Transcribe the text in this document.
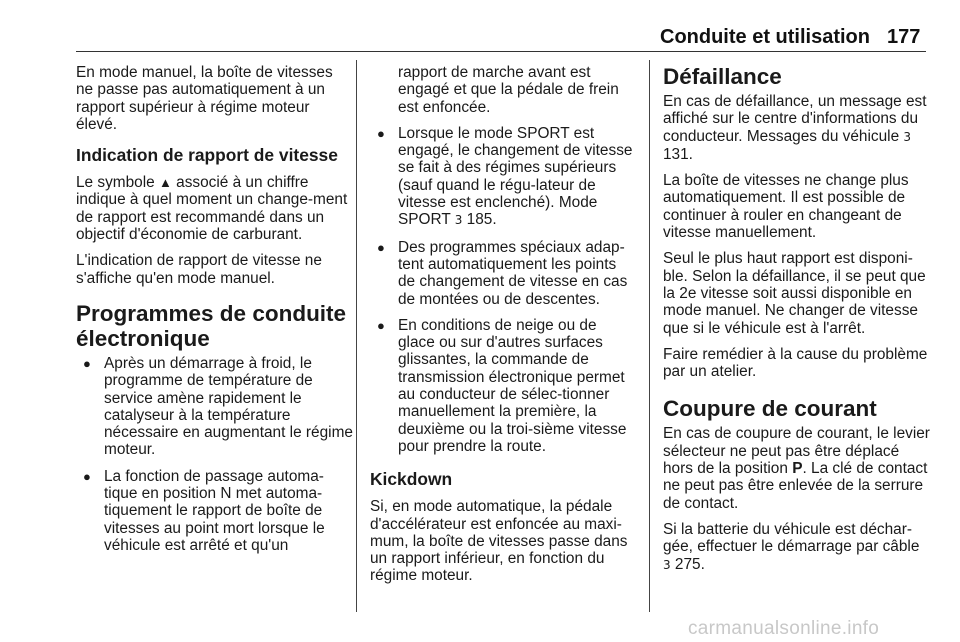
Conduite et utilisation 177

En mode manuel, la boîte de vitesses ne passe pas automatiquement à un rapport supérieur à régime moteur élevé.

Indication de rapport de vitesse

Le symbole ▲ associé à un chiffre indique à quel moment un change-ment de rapport est recommandé dans un objectif d'économie de carburant.

L'indication de rapport de vitesse ne s'affiche qu'en mode manuel.

Programmes de conduite électronique
● Après un démarrage à froid, le programme de température de service amène rapidement le catalyseur à la température nécessaire en augmentant le régime moteur.
● La fonction de passage automa-tique en position N met automa-tiquement le rapport de boîte de vitesses au point mort lorsque le véhicule est arrêté et qu'un

rapport de marche avant est engagé et que la pédale de frein est enfoncée.

● Lorsque le mode SPORT est engagé, le changement de vitesse se fait à des régimes supérieurs (sauf quand le régu-lateur de vitesse est enclenché). Mode SPORT 3 185.
● Des programmes spéciaux adap-tent automatiquement les points de changement de vitesse en cas de montées ou de descentes.
● En conditions de neige ou de glace ou sur d'autres surfaces glissantes, la commande de transmission électronique permet au conducteur de sélec-tionner manuellement la première, la deuxième ou la troi-sième vitesse pour prendre la route.
Kickdown

Si, en mode automatique, la pédale d'accélérateur est enfoncée au maxi-mum, la boîte de vitesses passe dans un rapport inférieur, en fonction du régime moteur.

Défaillance

En cas de défaillance, un message est affiché sur le centre d'informations du conducteur. Messages du véhicule 3 131.

La boîte de vitesses ne change plus automatiquement. Il est possible de continuer à rouler en changeant de vitesse manuellement.

Seul le plus haut rapport est disponi-ble. Selon la défaillance, il se peut que la 2e vitesse soit aussi disponible en mode manuel. Ne changer de vitesse que si le véhicule est à l'arrêt.

Faire remédier à la cause du problème par un atelier.

Coupure de courant

En cas de coupure de courant, le levier sélecteur ne peut pas être déplacé hors de la position P. La clé de contact ne peut pas être enlevée de la serrure de contact.

Si la batterie du véhicule est déchar-gée, effectuer le démarrage par câble 3 275.

carmanualsonline.info
